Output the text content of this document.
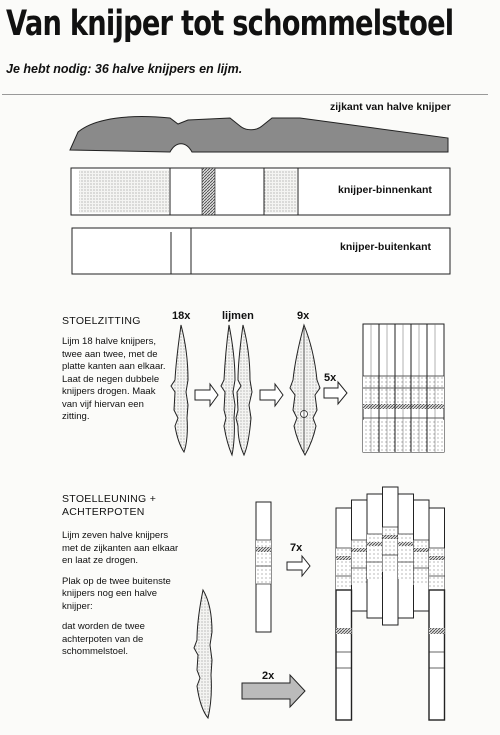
Van knijper tot schommelstoel
Je hebt nodig: 36 halve knijpers en lijm.
zijkant van halve knijper
knijper-binnenkant
knijper-buitenkant
STOELZITTING
Lijm 18 halve knijpers, twee aan twee, met de platte kanten aan elkaar. Laat de negen dubbele knijpers drogen. Maak van vijf hiervan een zitting.
18x	lijmen	9x
5x
STOELLEUNING + ACHTERPOTEN

Lijm zeven halve knijpers met de zijkanten aan elkaar en laat ze drogen.

Plak op de twee buitenste knijpers nog een halve knijper:

dat worden de twee achterpoten van de schommelstoel.

7x
2x
